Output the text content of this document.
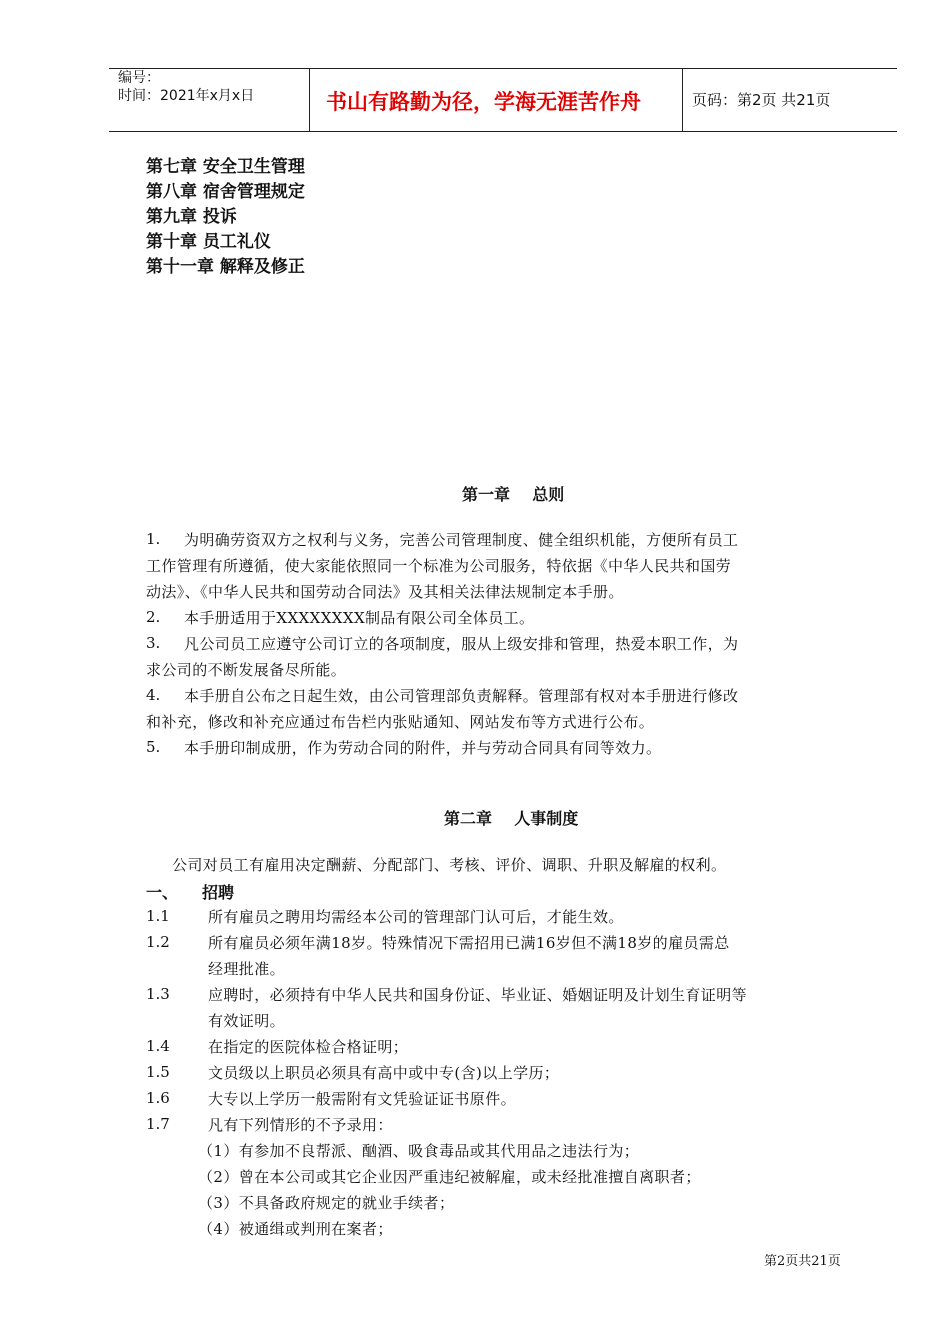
编号：
时间：2021年x月x日	书山有路勤为径，学海无涯苦作舟	页码：第2页 共21页
第七章 安全卫生管理
第八章 宿舍管理规定
第九章 投诉
第十章 员工礼仪
第十一章 解释及修正
第一章    总则
1. 为明确劳资双方之权利与义务，完善公司管理制度、健全组织机能，方便所有员工
工作管理有所遵循，使大家能依照同一个标准为公司服务，特依据《中华人民共和国劳
动法》、《中华人民共和国劳动合同法》及其相关法律法规制定本手册。
2. 本手册适用于XXXXXXXX制品有限公司全体员工。
3. 凡公司员工应遵守公司订立的各项制度，服从上级安排和管理，热爱本职工作，为
求公司的不断发展备尽所能。
4. 本手册自公布之日起生效，由公司管理部负责解释。管理部有权对本手册进行修改
和补充，修改和补充应通过布告栏内张贴通知、网站发布等方式进行公布。
5. 本手册印制成册，作为劳动合同的附件，并与劳动合同具有同等效力。
第二章    人事制度
公司对员工有雇用决定酬薪、分配部门、考核、评价、调职、升职及解雇的权利。
一、 招聘
1.1	所有雇员之聘用均需经本公司的管理部门认可后，才能生效。
1.2	所有雇员必须年满18岁。特殊情况下需招用已满16岁但不满18岁的雇员需总
经理批准。
1.3	应聘时，必须持有中华人民共和国身份证、毕业证、婚姻证明及计划生育证明等
有效证明。
1.4	在指定的医院体检合格证明；
1.5	文员级以上职员必须具有高中或中专(含)以上学历；
1.6	大专以上学历一般需附有文凭验证证书原件。
1.7	凡有下列情形的不予录用：
（1）有参加不良帮派、酗酒、吸食毒品或其代用品之违法行为；
（2）曾在本公司或其它企业因严重违纪被解雇，或未经批准擅自离职者；
（3）不具备政府规定的就业手续者；
（4）被通缉或判刑在案者；
第2页共21页
